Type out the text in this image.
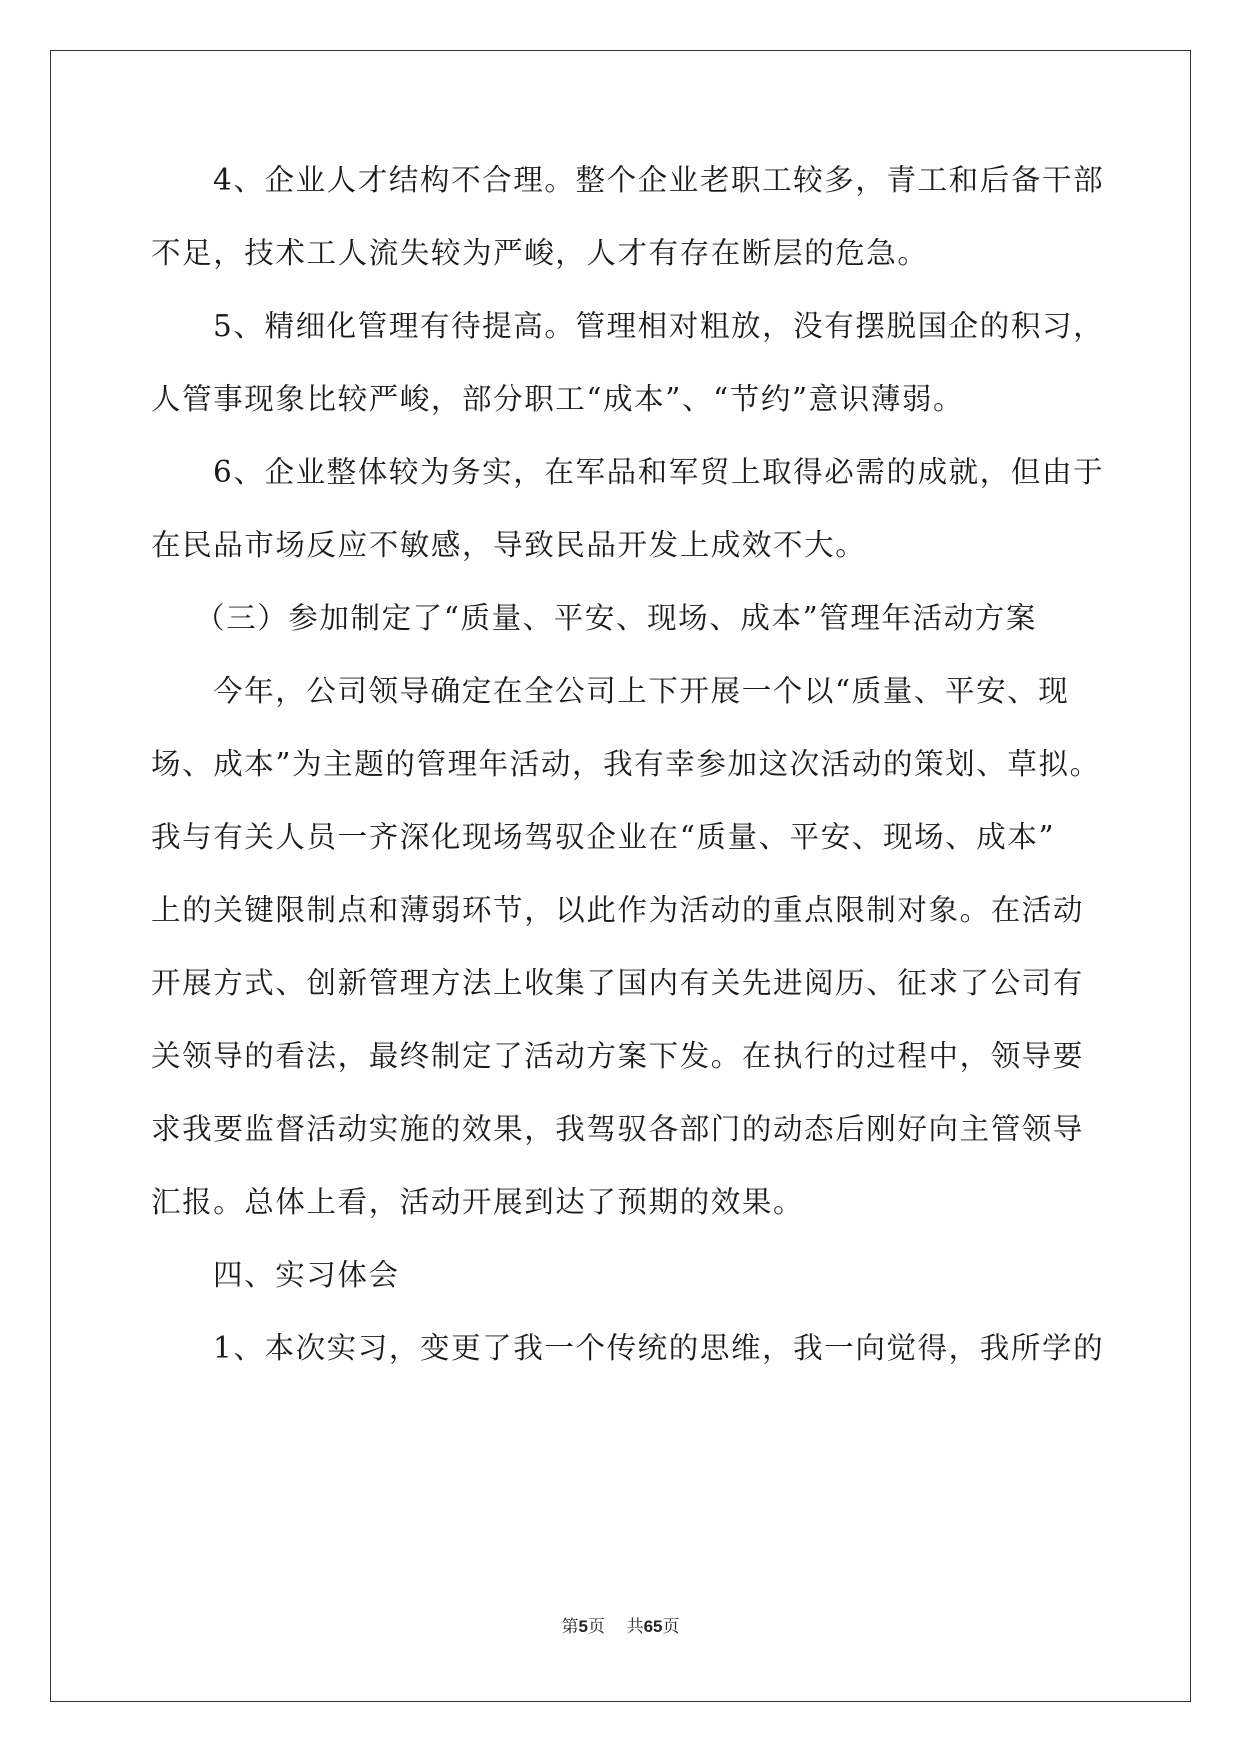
4、企业人才结构不合理。整个企业老职工较多，青工和后备干部
不足，技术工人流失较为严峻，人才有存在断层的危急。
5、精细化管理有待提高。管理相对粗放，没有摆脱国企的积习，
人管事现象比较严峻，部分职工“成本”、“节约”意识薄弱。
6、企业整体较为务实，在军品和军贸上取得必需的成就，但由于
在民品市场反应不敏感，导致民品开发上成效不大。
（三）参加制定了“质量、平安、现场、成本”管理年活动方案
今年，公司领导确定在全公司上下开展一个以“质量、平安、现
场、成本”为主题的管理年活动，我有幸参加这次活动的策划、草拟。
我与有关人员一齐深化现场驾驭企业在“质量、平安、现场、成本”
上的关键限制点和薄弱环节，以此作为活动的重点限制对象。在活动
开展方式、创新管理方法上收集了国内有关先进阅历、征求了公司有
关领导的看法，最终制定了活动方案下发。在执行的过程中，领导要
求我要监督活动实施的效果，我驾驭各部门的动态后刚好向主管领导
汇报。总体上看，活动开展到达了预期的效果。
四、实习体会
1、本次实习，变更了我一个传统的思维，我一向觉得，我所学的
第5页 共65页
